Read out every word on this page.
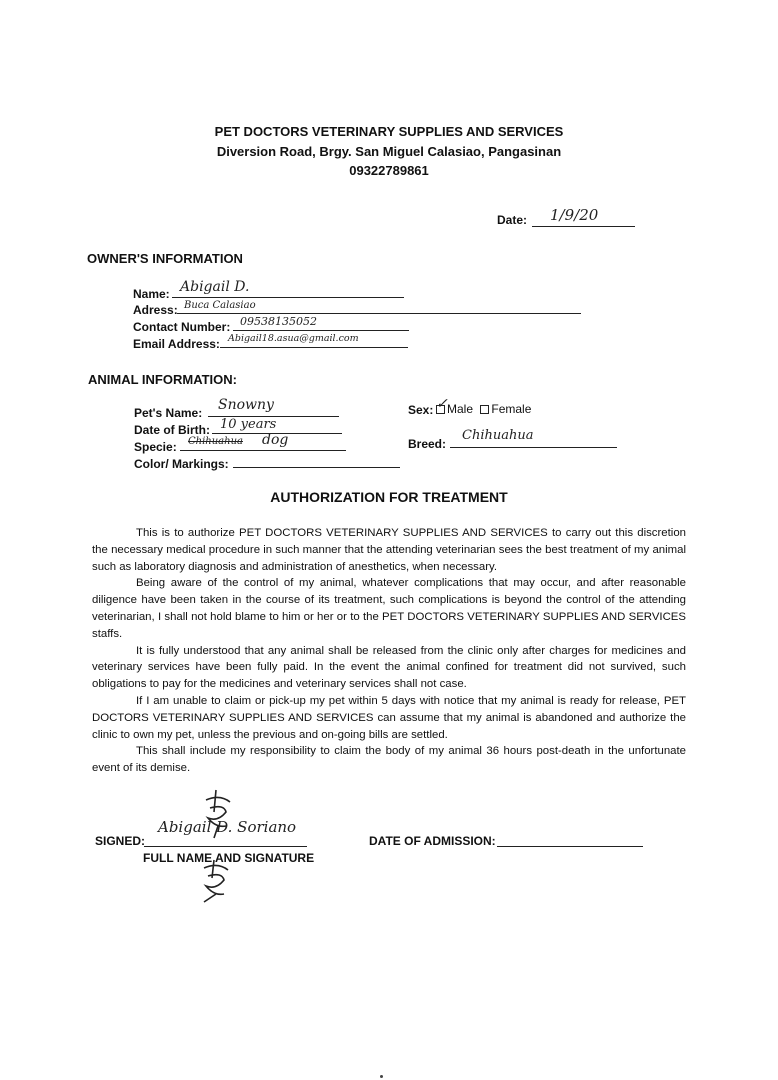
PET DOCTORS VETERINARY SUPPLIES AND SERVICES
Diversion Road, Brgy. San Miguel Calasiao, Pangasinan
09322789861
Date: 1/9/20
OWNER'S INFORMATION
Name: Abigail D.
Adress: Buca Calasiao
Contact Number: 09538135052
Email Address: Abigail18.asua@gmail.com
ANIMAL INFORMATION:
Pet's Name: Snowny
Date of Birth: 10 years
Specie: Chihuahua dog
Color/ Markings:
Sex:	Male Female
✓
Breed:
Chihuahua
AUTHORIZATION FOR TREATMENT

This is to authorize PET DOCTORS VETERINARY SUPPLIES AND SERVICES to carry out this discretion the necessary medical procedure in such manner that the attending veterinarian sees the best treatment of my animal such as laboratory diagnosis and administration of anesthetics, when necessary.

Being aware of the control of my animal, whatever complications that may occur, and after reasonable diligence have been taken in the course of its treatment, such complications is beyond the control of the attending veterinarian, I shall not hold blame to him or her or to the PET DOCTORS VETERINARY SUPPLIES AND SERVICES staffs.

It is fully understood that any animal shall be released from the clinic only after charges for medicines and veterinary services have been fully paid. In the event the animal confined for treatment did not survived, such obligations to pay for the medicines and veterinary services shall not case.

If I am unable to claim or pick-up my pet within 5 days with notice that my animal is ready for release, PET DOCTORS VETERINARY SUPPLIES AND SERVICES can assume that my animal is abandoned and authorize the clinic to own my pet, unless the previous and on-going bills are settled.

This shall include my responsibility to claim the body of my animal 36 hours post-death in the unfortunate event of its demise.

SIGNED:
Abigail D. Soriano
FULL NAME AND SIGNATURE
DATE OF ADMISSION:
